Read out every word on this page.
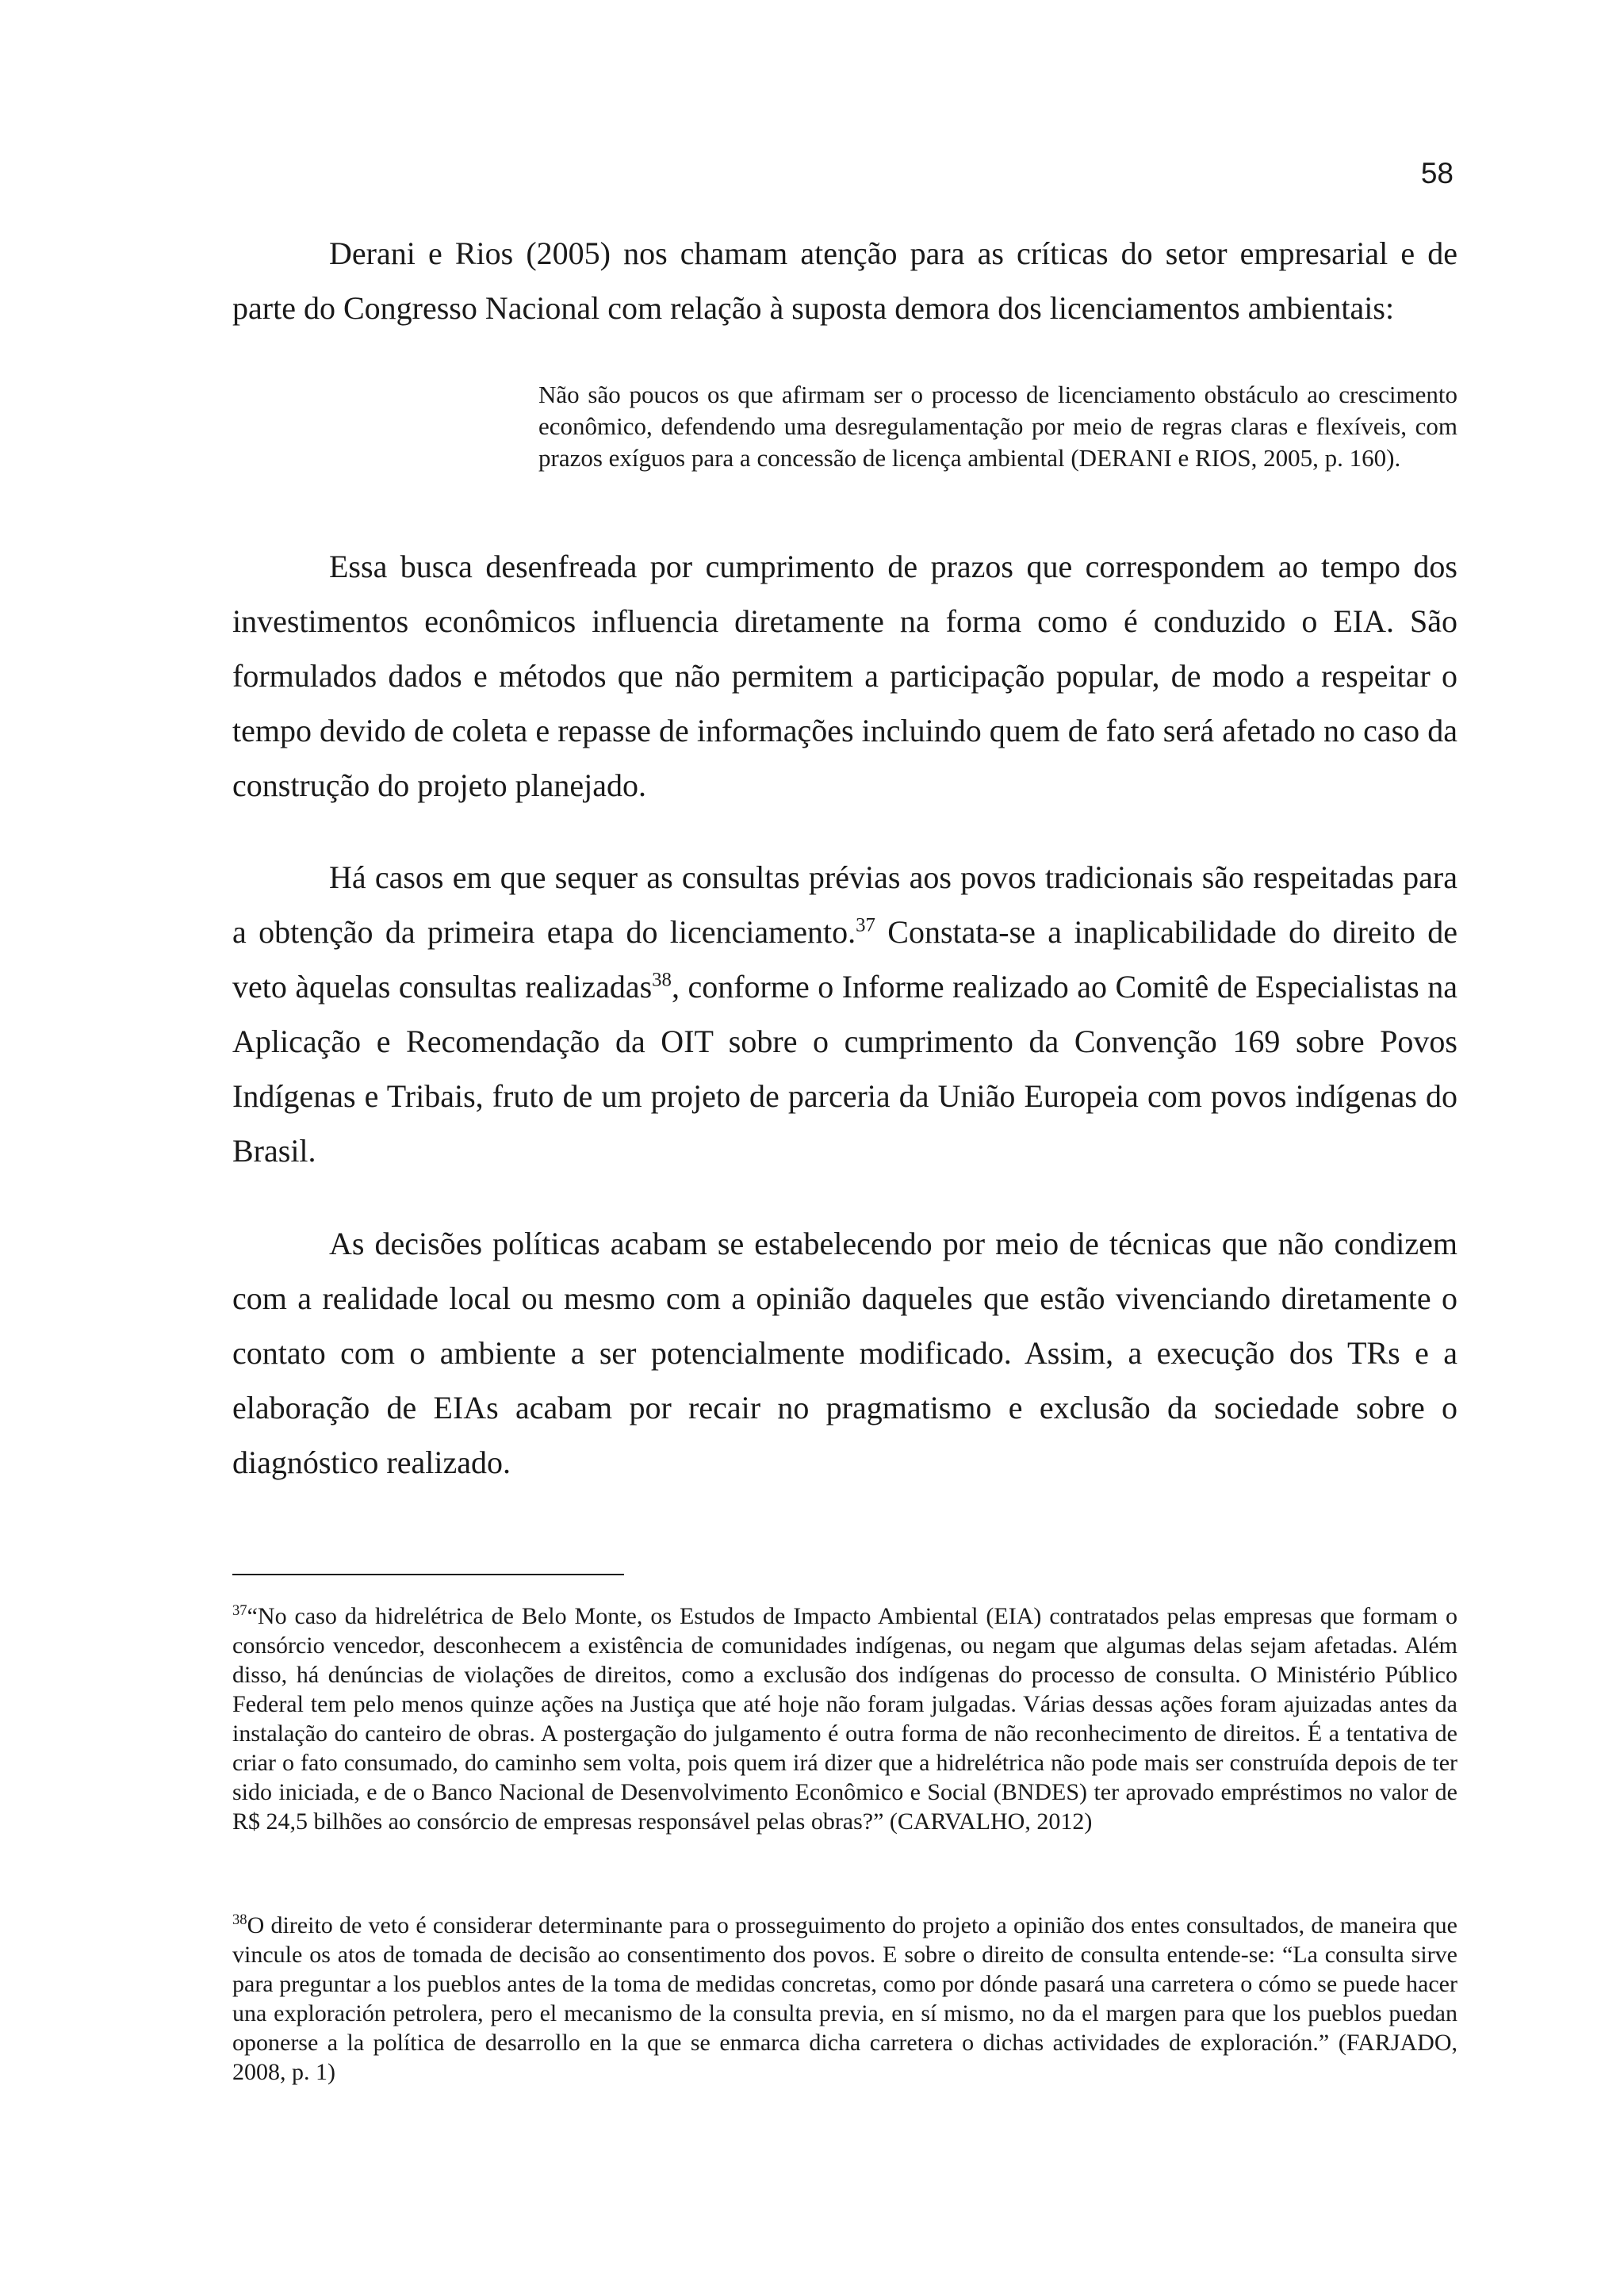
58

Derani e Rios (2005) nos chamam atenção para as críticas do setor empresarial e de parte do Congresso Nacional com relação à suposta demora dos licenciamentos ambientais:

Não são poucos os que afirmam ser o processo de licenciamento obstáculo ao crescimento econômico, defendendo uma desregulamentação por meio de regras claras e flexíveis, com prazos exíguos para a concessão de licença ambiental (DERANI e RIOS, 2005, p. 160).

Essa busca desenfreada por cumprimento de prazos que correspondem ao tempo dos investimentos econômicos influencia diretamente na forma como é conduzido o EIA. São formulados dados e métodos que não permitem a participação popular, de modo a respeitar o tempo devido de coleta e repasse de informações incluindo quem de fato será afetado no caso da construção do projeto planejado.

Há casos em que sequer as consultas prévias aos povos tradicionais são respeitadas para a obtenção da primeira etapa do licenciamento.$^{37}$ Constata-se a inaplicabilidade do direito de veto àquelas consultas realizadas$^{38}$, conforme o Informe realizado ao Comitê de Especialistas na Aplicação e Recomendação da OIT sobre o cumprimento da Convenção 169 sobre Povos Indígenas e Tribais, fruto de um projeto de parceria da União Europeia com povos indígenas do Brasil.

As decisões políticas acabam se estabelecendo por meio de técnicas que não condizem com a realidade local ou mesmo com a opinião daqueles que estão vivenciando diretamente o contato com o ambiente a ser potencialmente modificado. Assim, a execução dos TRs e a elaboração de EIAs acabam por recair no pragmatismo e exclusão da sociedade sobre o diagnóstico realizado.

$^{37}$“No caso da hidrelétrica de Belo Monte, os Estudos de Impacto Ambiental (EIA) contratados pelas empresas que formam o consórcio vencedor, desconhecem a existência de comunidades indígenas, ou negam que algumas delas sejam afetadas. Além disso, há denúncias de violações de direitos, como a exclusão dos indígenas do processo de consulta. O Ministério Público Federal tem pelo menos quinze ações na Justiça que até hoje não foram julgadas. Várias dessas ações foram ajuizadas antes da instalação do canteiro de obras. A postergação do julgamento é outra forma de não reconhecimento de direitos. É a tentativa de criar o fato consumado, do caminho sem volta, pois quem irá dizer que a hidrelétrica não pode mais ser construída depois de ter sido iniciada, e de o Banco Nacional de Desenvolvimento Econômico e Social (BNDES) ter aprovado empréstimos no valor de R$ 24,5 bilhões ao consórcio de empresas responsável pelas obras?” (CARVALHO, 2012)

$^{38}$O direito de veto é considerar determinante para o prosseguimento do projeto a opinião dos entes consultados, de maneira que vincule os atos de tomada de decisão ao consentimento dos povos. E sobre o direito de consulta entende-se: “La consulta sirve para preguntar a los pueblos antes de la toma de medidas concretas, como por dónde pasará una carretera o cómo se puede hacer una exploración petrolera, pero el mecanismo de la consulta previa, en sí mismo, no da el margen para que los pueblos puedan oponerse a la política de desarrollo en la que se enmarca dicha carretera o dichas actividades de exploración.” (FARJADO, 2008, p. 1)
